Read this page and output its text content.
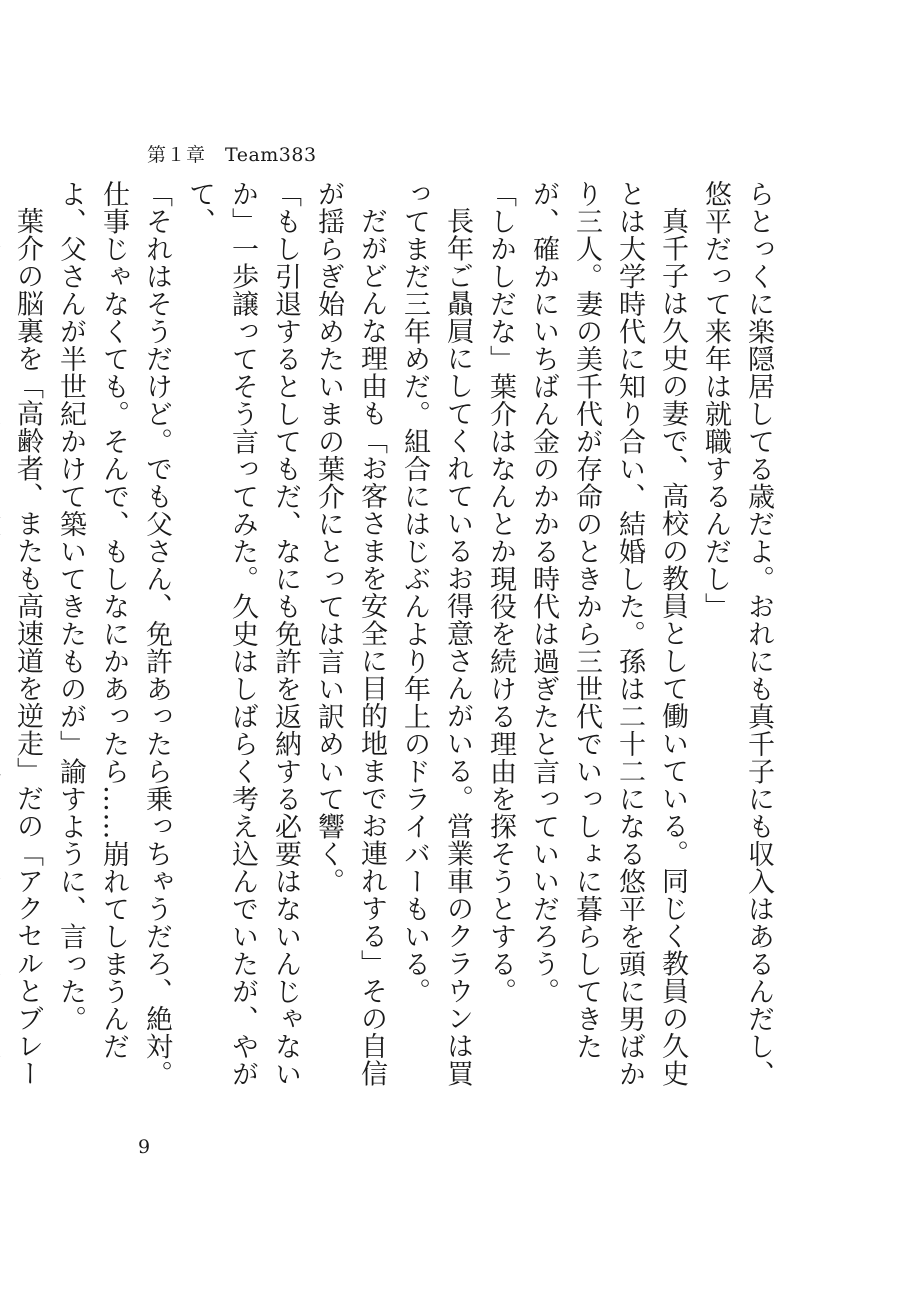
第１章　Team383

らとっくに楽隠居してる歳だよ。おれにも真千子にも収入はあるんだし、悠平だって来年は就職するんだし」

真千子は久史の妻で、高校の教員として働いている。同じく教員の久史とは大学時代に知り合い、結婚した。孫は二十二になる悠平を頭に男ばかり三人。妻の美千代が存命のときから三世代でいっしょに暮らしてきたが、確かにいちばん金のかかる時代は過ぎたと言っていいだろう。

「しかしだな」葉介はなんとか現役を続ける理由を探そうとする。

長年ご贔屓にしてくれているお得意さんがいる。営業車のクラウンは買ってまだ三年めだ。組合にはじぶんより年上のドライバーもいる。

だがどんな理由も「お客さまを安全に目的地までお連れする」その自信が揺らぎ始めたいまの葉介にとっては言い訳めいて響く。

「もし引退するとしてもだ、なにも免許を返納する必要はないんじゃないか」一歩譲ってそう言ってみた。久史はしばらく考え込んでいたが、やがて、

「それはそうだけど。でも父さん、免許あったら乗っちゃうだろ、絶対。仕事じゃなくても。そんで、もしなにかあったら……崩れてしまうんだよ、父さんが半世紀かけて築いてきたものが」諭すように、言った。

葉介の脳裏を「高齢者、またも高速道を逆走」だの「アクセルとブレー

9
